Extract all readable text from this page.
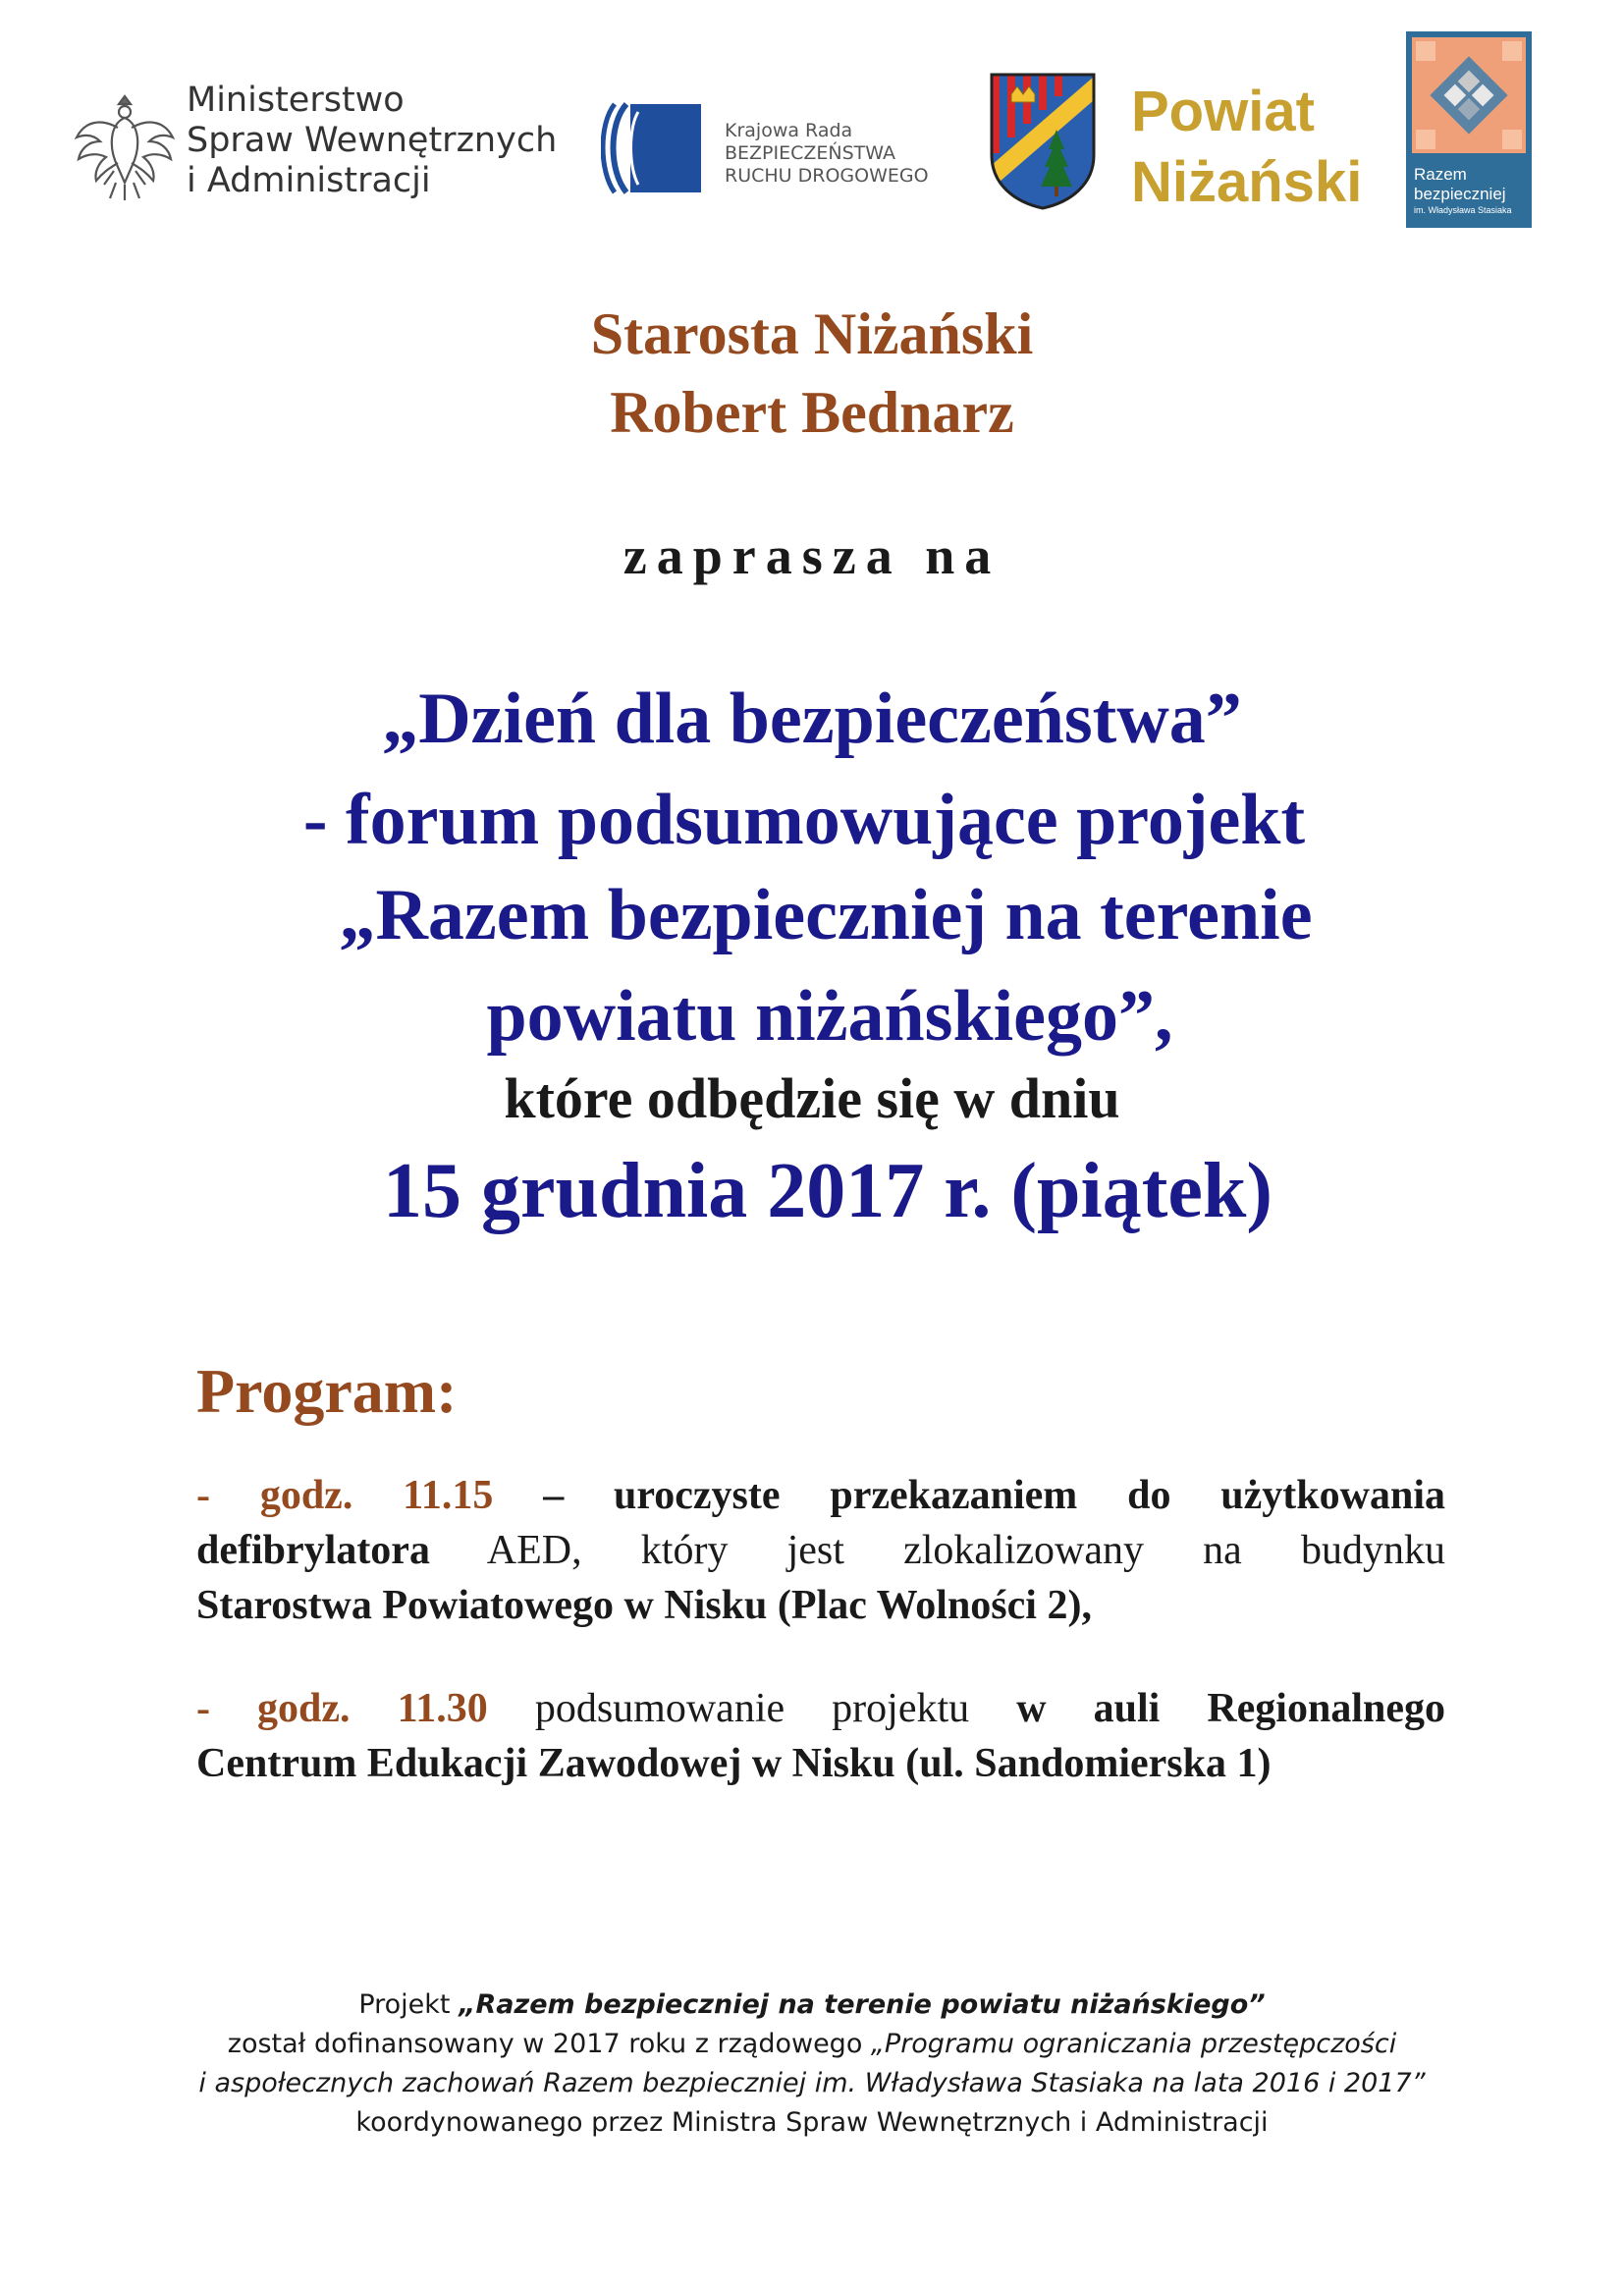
Ministerstwo
Spraw Wewnętrznych
i Administracji
Krajowa Rada
BEZPIECZEŃSTWA
RUCHU DROGOWEGO
Powiat
Niżański	Razem
bezpieczniej
im. Władysława Stasiaka
Starosta Niżański
Robert Bednarz
zaprasza na
„Dzień dla bezpieczeństwa”
- forum podsumowujące projekt
„Razem bezpieczniej na terenie
powiatu niżańskiego”,
które odbędzie się w dniu
15 grudnia 2017 r. (piątek)
Program:
- godz. 11.15 – uroczyste przekazaniem do użytkowania
defibrylatora AED, który jest zlokalizowany na budynku
Starostwa Powiatowego w Nisku (Plac Wolności 2),
- godz. 11.30 podsumowanie projektu w auli Regionalnego
Centrum Edukacji Zawodowej w Nisku (ul. Sandomierska 1)
Projekt „Razem bezpieczniej na terenie powiatu niżańskiego”
został dofinansowany w 2017 roku z rządowego „Programu ograniczania przestępczości
i aspołecznych zachowań Razem bezpieczniej im. Władysława Stasiaka na lata 2016 i 2017”
koordynowanego przez Ministra Spraw Wewnętrznych i Administracji
